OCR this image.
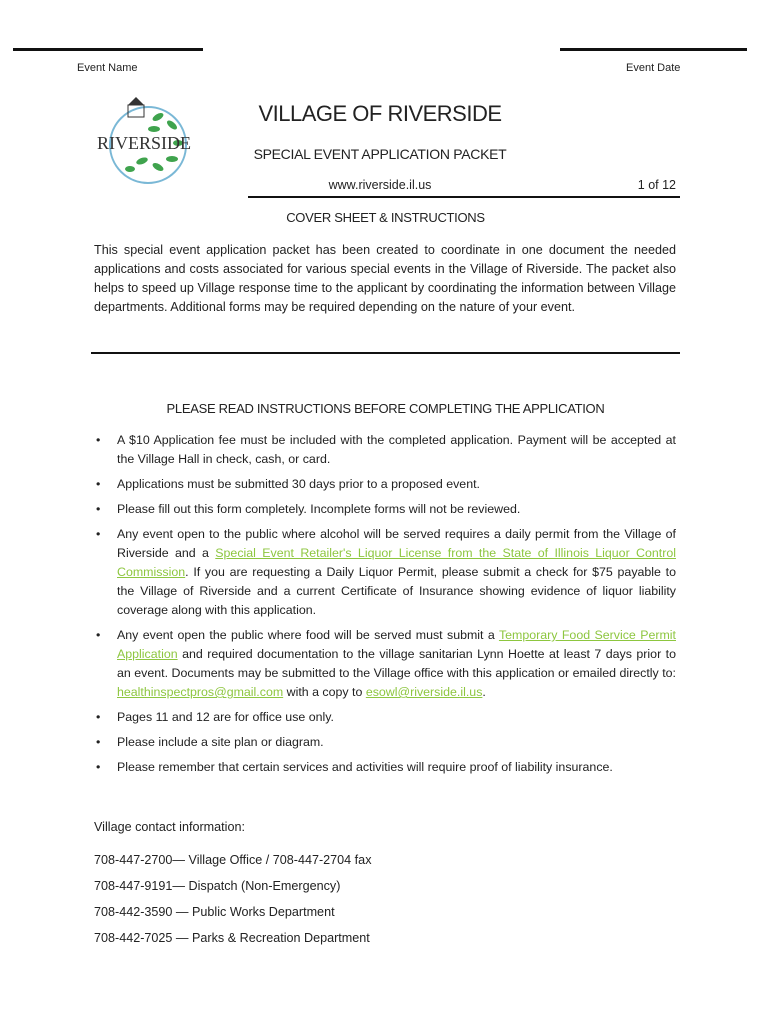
Event Name	Event Date
RIVERSIDE
VILLAGE OF RIVERSIDE
SPECIAL EVENT APPLICATION PACKET
www.riverside.il.us	1 of 12
COVER SHEET & INSTRUCTIONS
This special event application packet has been created to coordinate in one document the needed applications and costs associated for various special events in the Village of Riverside. The packet also helps to speed up Village response time to the applicant by coordinating the information between Village departments. Additional forms may be required depending on the nature of your event.
PLEASE READ INSTRUCTIONS BEFORE COMPLETING THE APPLICATION
• A $10 Application fee must be included with the completed application. Payment will be accepted at the Village Hall in check, cash, or card.
• Applications must be submitted 30 days prior to a proposed event.
• Please fill out this form completely. Incomplete forms will not be reviewed.
• Any event open to the public where alcohol will be served requires a daily permit from the Village of Riverside and a Special Event Retailer's Liquor License from the State of Illinois Liquor Control Commission. If you are requesting a Daily Liquor Permit, please submit a check for $75 payable to the Village of Riverside and a current Certificate of Insurance showing evidence of liquor liability coverage along with this application.
• Any event open the public where food will be served must submit a Temporary Food Service Permit Application and required documentation to the village sanitarian Lynn Hoette at least 7 days prior to an event. Documents may be submitted to the Village office with this application or emailed directly to: healthinspectpros@gmail.com with a copy to esowl@riverside.il.us.
• Pages 11 and 12 are for office use only.
• Please include a site plan or diagram.
• Please remember that certain services and activities will require proof of liability insurance.
Village contact information:
708-447-2700— Village Office / 708-447-2704 fax
708-447-9191— Dispatch (Non-Emergency)
708-442-3590 — Public Works Department
708-442-7025 — Parks & Recreation Department
